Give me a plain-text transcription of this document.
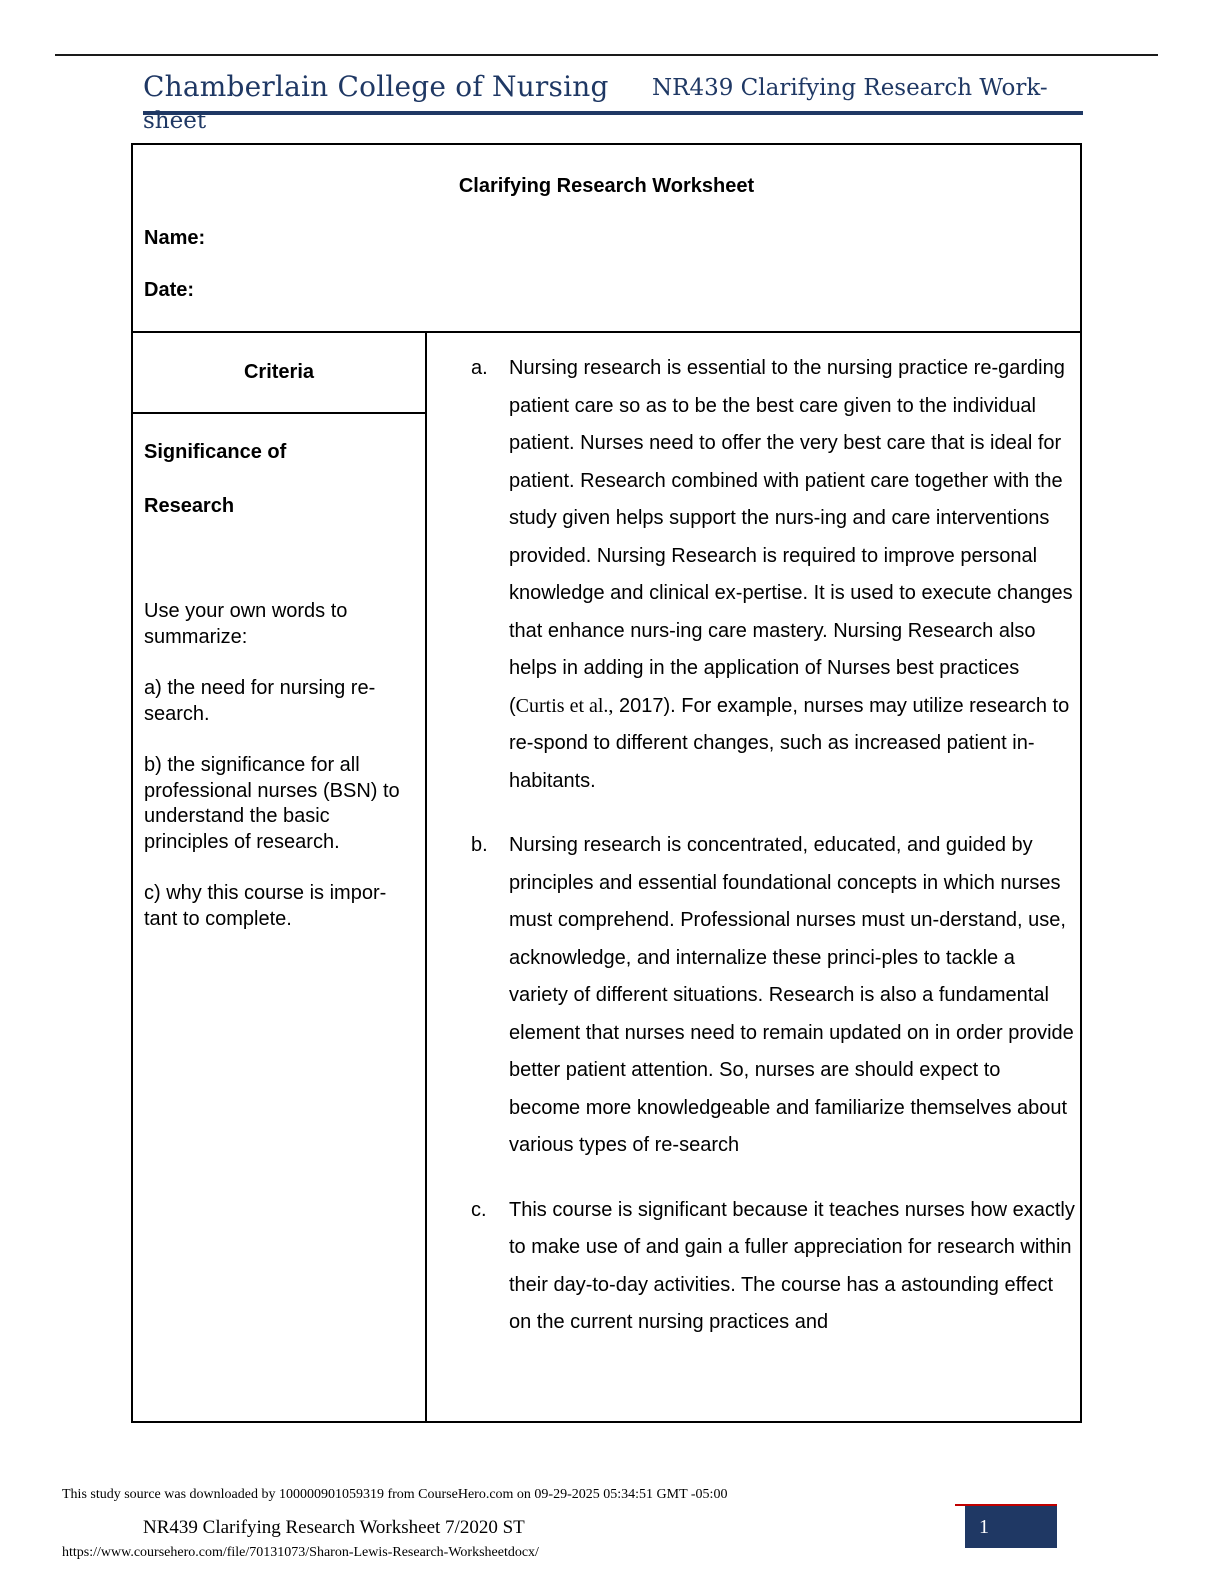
Chamberlain College of Nursing NR439 Clarifying Research Work-
sheet
Clarifying Research Worksheet
Name:
Date:
Criteria

Significance of

Research

Use your own words to summarize:

a) the need for nursing re-search.

b) the significance for all professional nurses (BSN) to understand the basic principles of research.

c) why this course is impor-tant to complete.

a. Nursing research is essential to the nursing practice re-garding patient care so as to be the best care given to the individual patient. Nurses need to offer the very best care that is ideal for patient. Research combined with patient care together with the study given helps support the nurs-ing and care interventions provided. Nursing Research is required to improve personal knowledge and clinical ex-pertise. It is used to execute changes that enhance nurs-ing care mastery. Nursing Research also helps in adding in the application of Nurses best practices (Curtis et al., 2017). For example, nurses may utilize research to re-spond to different changes, such as increased patient in-habitants.
b. Nursing research is concentrated, educated, and guided by principles and essential foundational concepts in which nurses must comprehend. Professional nurses must un-derstand, use, acknowledge, and internalize these princi-ples to tackle a variety of different situations. Research is also a fundamental element that nurses need to remain updated on in order provide better patient attention. So, nurses are should expect to become more knowledgeable and familiarize themselves about various types of re-search
c. This course is significant because it teaches nurses how exactly to make use of and gain a fuller appreciation for research within their day-to-day activities. The course has a astounding effect on the current nursing practices and
This study source was downloaded by 100000901059319 from CourseHero.com on 09-29-2025 05:34:51 GMT -05:00
NR439 Clarifying Research Worksheet 7/2020 ST	1
https://www.coursehero.com/file/70131073/Sharon-Lewis-Research-Worksheetdocx/
